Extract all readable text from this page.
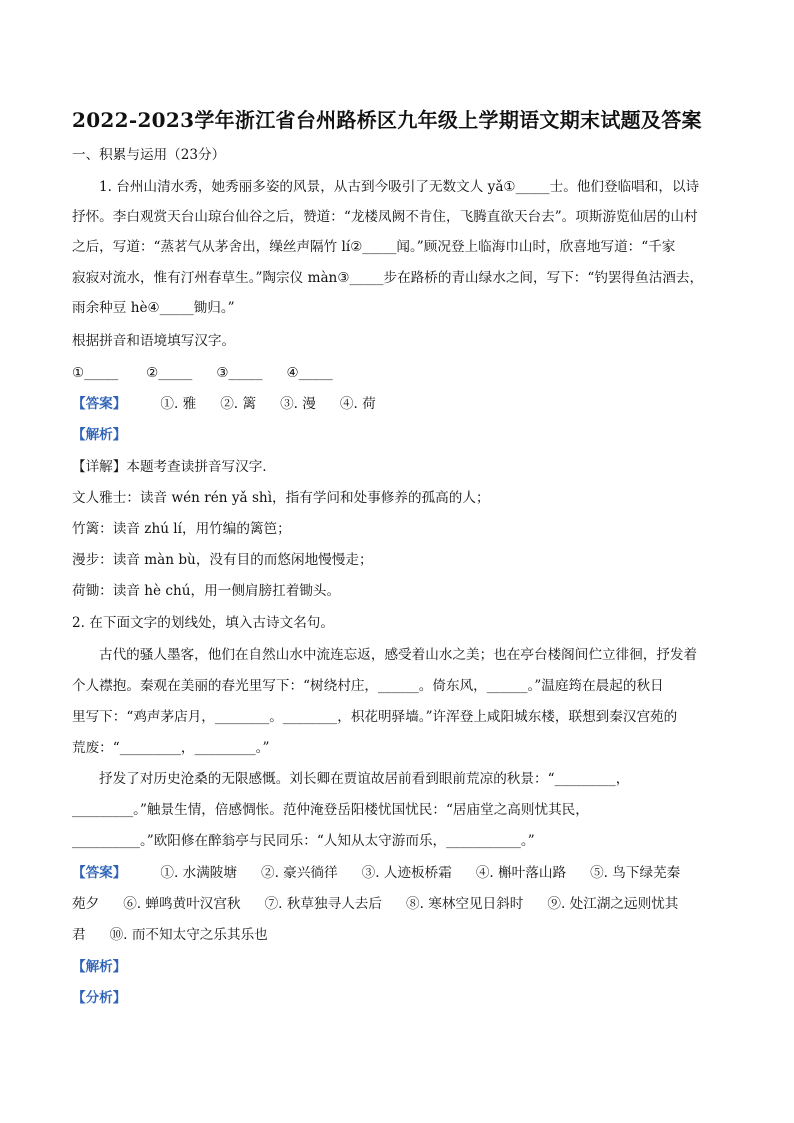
2022-2023学年浙江省台州路桥区九年级上学期语文期末试题及答案
一、积累与运用（23分）
1. 台州山清水秀，她秀丽多姿的风景，从古到今吸引了无数文人 yǎ①_____士。他们登临唱和，以诗
抒怀。李白观赏天台山琼台仙谷之后，赞道：“龙楼凤阙不肯住，飞腾直欲天台去”。项斯游览仙居的山村
之后，写道：“蒸茗气从茅舍出，缲丝声隔竹 lí②_____闻。”顾况登上临海巾山时，欣喜地写道：“千家
寂寂对流水，惟有汀州春草生。”陶宗仪 màn③_____步在路桥的青山绿水之间，写下：“钓罢得鱼沽酒去，
雨余种豆 hè④_____锄归。”
根据拼音和语境填写汉字。
①_____ ②_____ ③_____ ④_____
【答案】	①. 雅 ②. 篱 ③. 漫 ④. 荷
【解析】
【详解】本题考查读拼音写汉字.
文人雅士：读音 wén rén yǎ shì，指有学问和处事修养的孤高的人；
竹篱：读音 zhú lí，用竹编的篱笆；
漫步：读音 màn bù，没有目的而悠闲地慢慢走；
荷锄：读音 hè chú，用一侧肩膀扛着锄头。
2. 在下面文字的划线处，填入古诗文名句。
古代的骚人墨客，他们在自然山水中流连忘返，感受着山水之美；也在亭台楼阁间伫立徘徊，抒发着
个人襟抱。秦观在美丽的春光里写下：“树绕村庄，______。倚东风，______。”温庭筠在晨起的秋日
里写下：“鸡声茅店月，________。________，枳花明驿墙。”许浑登上咸阳城东楼，联想到秦汉宫苑的
荒废：“_________，_________。”
抒发了对历史沧桑的无限感慨。刘长卿在贾谊故居前看到眼前荒凉的秋景：“_________，
_________。”触景生情，倍感惆怅。范仲淹登岳阳楼忧国忧民：“居庙堂之高则忧其民，
__________。”欧阳修在醉翁亭与民同乐：“人知从太守游而乐，___________。”
【答案】	①. 水满陂塘 ②. 豪兴徜徉 ③. 人迹板桥霜 ④. 槲叶落山路 ⑤. 鸟下绿芜秦
苑夕 ⑥. 蝉鸣黄叶汉宫秋 ⑦. 秋草独寻人去后 ⑧. 寒林空见日斜时 ⑨. 处江湖之远则忧其
君 ⑩. 而不知太守之乐其乐也
【解析】
【分析】
